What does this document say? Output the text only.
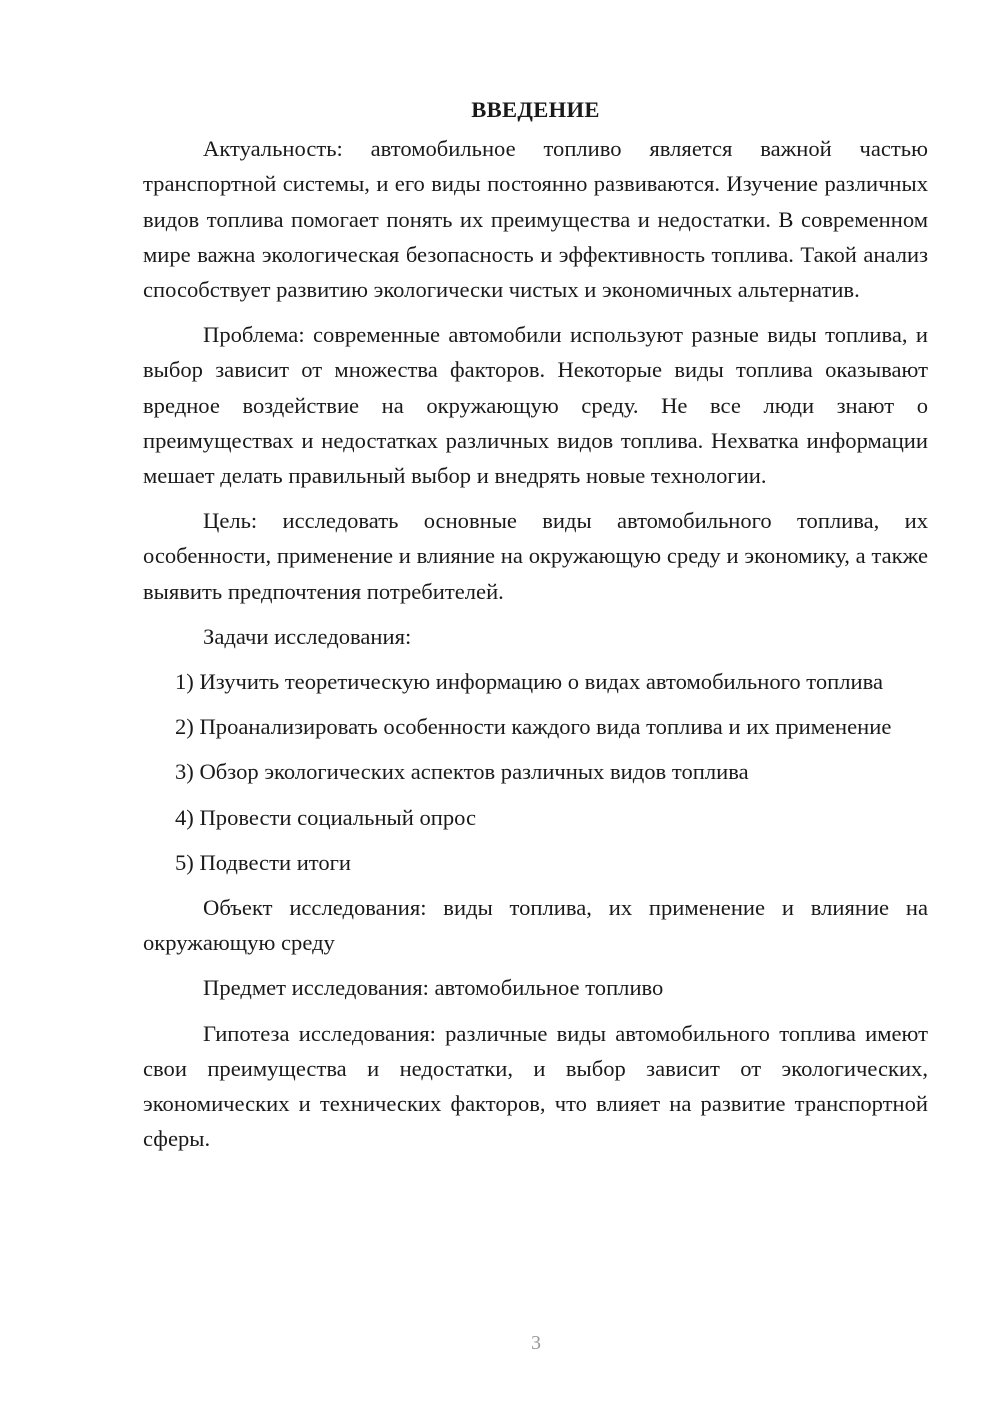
ВВЕДЕНИЕ

Актуальность: автомобильное топливо является важной частью транспортной системы, и его виды постоянно развиваются. Изучение различных видов топлива помогает понять их преимущества и недостатки. В современном мире важна экологическая безопасность и эффективность топлива. Такой анализ способствует развитию экологически чистых и экономичных альтернатив.

Проблема: современные автомобили используют разные виды топлива, и выбор зависит от множества факторов. Некоторые виды топлива оказывают вредное воздействие на окружающую среду. Не все люди знают о преимуществах и недостатках различных видов топлива. Нехватка информации мешает делать правильный выбор и внедрять новые технологии.

Цель: исследовать основные виды автомобильного топлива, их особенности, применение и влияние на окружающую среду и экономику, а также выявить предпочтения потребителей.

Задачи исследования:

1) Изучить теоретическую информацию о видах автомобильного топлива

2) Проанализировать особенности каждого вида топлива и их применение

3) Обзор экологических аспектов различных видов топлива

4) Провести социальный опрос

5) Подвести итоги

Объект исследования: виды топлива, их применение и влияние на окружающую среду

Предмет исследования: автомобильное топливо

Гипотеза исследования: различные виды автомобильного топлива имеют свои преимущества и недостатки, и выбор зависит от экологических, экономических и технических факторов, что влияет на развитие транспортной сферы.

3
